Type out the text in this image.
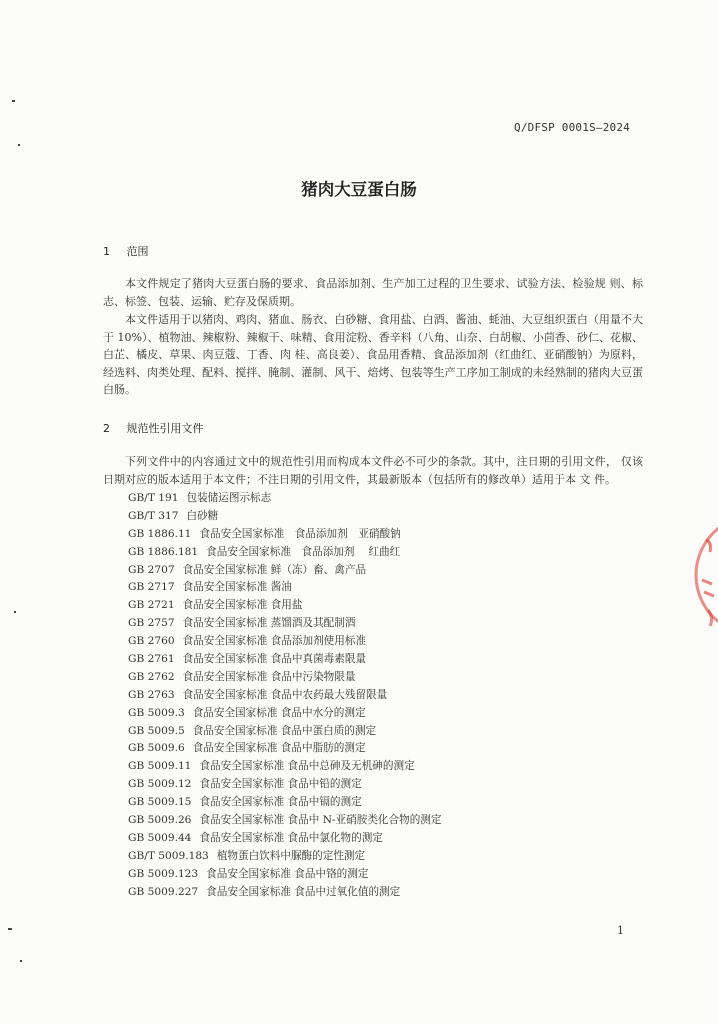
Q/DFSP 0001S—2024
猪肉大豆蛋白肠
1 范围

本文件规定了猪肉大豆蛋白肠的要求、食品添加剂、生产加工过程的卫生要求、试验方法、检验规 则、标志、标签、包装、运输、贮存及保质期。

本文件适用于以猪肉、鸡肉、猪血、肠衣、白砂糖、食用盐、白酒、酱油、蚝油、大豆组织蛋白（用量不大于 10%）、植物油、辣椒粉、辣椒干、味精、食用淀粉、香辛料（八角、山奈、白胡椒、小茴香、砂仁、花椒、白芷、橘皮、草果、肉豆蔻、丁香、肉 桂、高良姜）、食品用香精、食品添加剂（红曲红、亚硝酸钠）为原料，经选料、肉类处理、配料、搅拌、腌制、灌制、风干、焙烤、包装等生产工序加工制成的未经熟制的猪肉大豆蛋白肠。

2 规范性引用文件

下列文件中的内容通过文中的规范性引用而构成本文件必不可少的条款。其中，注日期的引用文件， 仅该日期对应的版本适用于本文件；不注日期的引用文件，其最新版本（包括所有的修改单）适用于本 文 件。

GB/T 191 包装储运图示标志
GB/T 317 白砂糖
GB 1886.11 食品安全国家标准　食品添加剂　亚硝酸钠
GB 1886.181 食品安全国家标准　食品添加剂　 红曲红
GB 2707 食品安全国家标准 鲜（冻）畜、禽产品
GB 2717 食品安全国家标准 酱油
GB 2721 食品安全国家标准 食用盐
GB 2757 食品安全国家标准 蒸馏酒及其配制酒
GB 2760 食品安全国家标准 食品添加剂使用标准
GB 2761 食品安全国家标准 食品中真菌毒素限量
GB 2762 食品安全国家标准 食品中污染物限量
GB 2763 食品安全国家标准 食品中农药最大残留限量
GB 5009.3 食品安全国家标准 食品中水分的测定
GB 5009.5 食品安全国家标准 食品中蛋白质的测定
GB 5009.6 食品安全国家标准 食品中脂肪的测定
GB 5009.11 食品安全国家标准 食品中总砷及无机砷的测定
GB 5009.12 食品安全国家标准 食品中铅的测定
GB 5009.15 食品安全国家标准 食品中镉的测定
GB 5009.26 食品安全国家标准 食品中 N-亚硝胺类化合物的测定
GB 5009.44 食品安全国家标准 食品中氯化物的测定
GB/T 5009.183 植物蛋白饮料中脲酶的定性测定
GB 5009.123 食品安全国家标准 食品中铬的测定
GB 5009.227 食品安全国家标准 食品中过氧化值的测定
1
